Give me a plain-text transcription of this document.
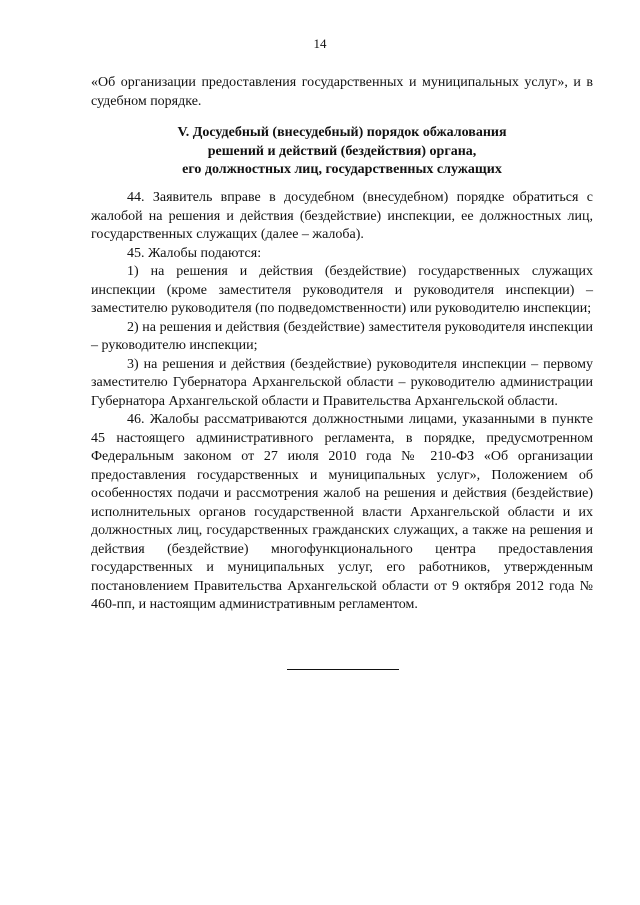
14
«Об организации предоставления государственных и муниципальных услуг», и в судебном порядке.
V. Досудебный (внесудебный) порядок обжалования
решений и действий (бездействия) органа,
его должностных лиц, государственных служащих

44. Заявитель вправе в досудебном (внесудебном) порядке обратиться с жалобой на решения и действия (бездействие) инспекции, ее должностных лиц, государственных служащих (далее – жалоба).

45. Жалобы подаются:

1) на решения и действия (бездействие) государственных служащих инспекции (кроме заместителя руководителя и руководителя инспекции) – заместителю руководителя (по подведомственности) или руководителю инспекции;

2) на решения и действия (бездействие) заместителя руководителя инспекции – руководителю инспекции;

3) на решения и действия (бездействие) руководителя инспекции – первому заместителю Губернатора Архангельской области – руководителю администрации Губернатора Архангельской области и Правительства Архангельской области.

46. Жалобы рассматриваются должностными лицами, указанными в пункте 45 настоящего административного регламента, в порядке, предусмотренном Федеральным законом от 27 июля 2010 года № 210-ФЗ «Об организации предоставления государственных и муниципальных услуг», Положением об особенностях подачи и рассмотрения жалоб на решения и действия (бездействие) исполнительных органов государственной власти Архангельской области и их должностных лиц, государственных гражданских служащих, а также на решения и действия (бездействие) многофункционального центра предоставления государственных и муниципальных услуг, его работников, утвержденным постановлением Правительства Архангельской области от 9 октября 2012 года № 460-пп, и настоящим административным регламентом.
